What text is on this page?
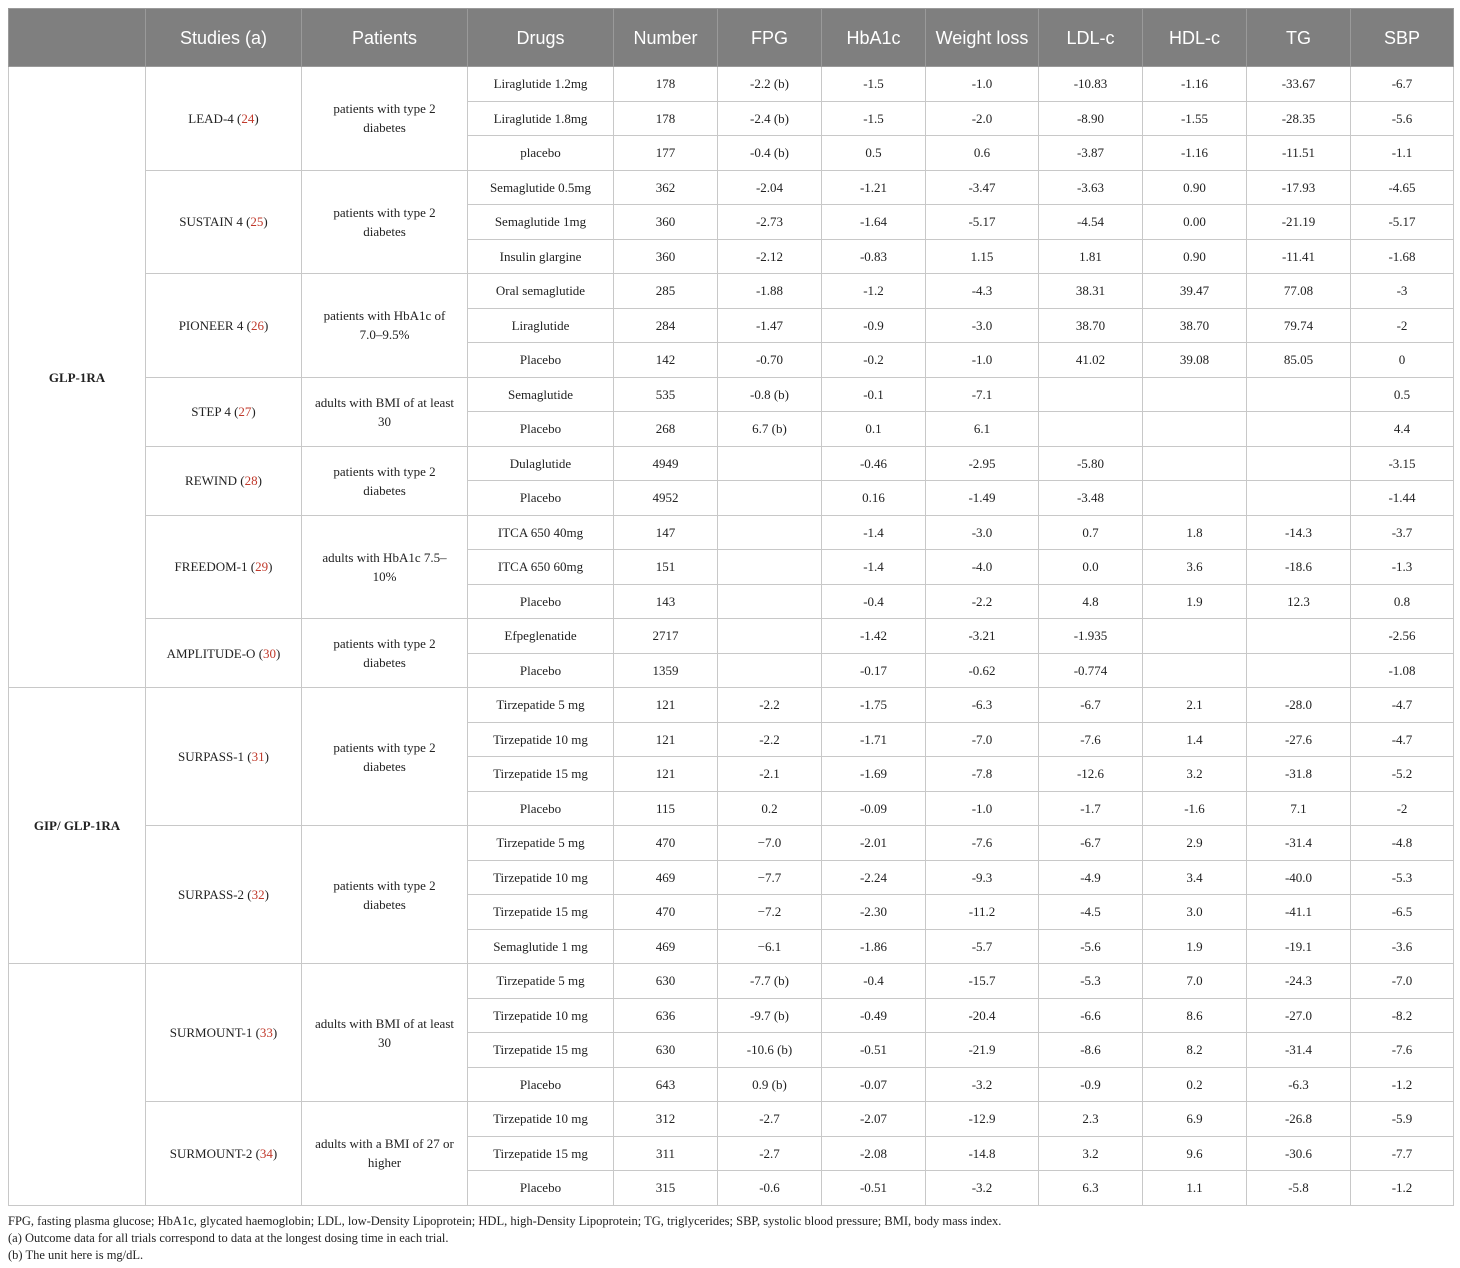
	Studies (a)	Patients	Drugs	Number	FPG	HbA1c	Weight loss	LDL-c	HDL-c	TG	SBP
GLP-1RA	LEAD-4 (24)	patients with type 2 diabetes	Liraglutide 1.2mg	178	-2.2 (b)	-1.5	-1.0	-10.83	-1.16	-33.67	-6.7
			Liraglutide 1.8mg	178	-2.4 (b)	-1.5	-2.0	-8.90	-1.55	-28.35	-5.6
			placebo	177	-0.4 (b)	0.5	0.6	-3.87	-1.16	-11.51	-1.1
	SUSTAIN 4 (25)	patients with type 2 diabetes	Semaglutide 0.5mg	362	-2.04	-1.21	-3.47	-3.63	0.90	-17.93	-4.65
			Semaglutide 1mg	360	-2.73	-1.64	-5.17	-4.54	0.00	-21.19	-5.17
			Insulin glargine	360	-2.12	-0.83	1.15	1.81	0.90	-11.41	-1.68
	PIONEER 4 (26)	patients with HbA1c of 7.0–9.5%	Oral semaglutide	285	-1.88	-1.2	-4.3	38.31	39.47	77.08	-3
			Liraglutide	284	-1.47	-0.9	-3.0	38.70	38.70	79.74	-2
			Placebo	142	-0.70	-0.2	-1.0	41.02	39.08	85.05	0
	STEP 4 (27)	adults with BMI of at least 30	Semaglutide	535	-0.8 (b)	-0.1	-7.1				0.5
			Placebo	268	6.7 (b)	0.1	6.1				4.4
	REWIND (28)	patients with type 2 diabetes	Dulaglutide	4949		-0.46	-2.95	-5.80			-3.15
			Placebo	4952		0.16	-1.49	-3.48			-1.44
	FREEDOM-1 (29)	adults with HbA1c 7.5–10%	ITCA 650 40mg	147		-1.4	-3.0	0.7	1.8	-14.3	-3.7
			ITCA 650 60mg	151		-1.4	-4.0	0.0	3.6	-18.6	-1.3
			Placebo	143		-0.4	-2.2	4.8	1.9	12.3	0.8
	AMPLITUDE-O (30)	patients with type 2 diabetes	Efpeglenatide	2717		-1.42	-3.21	-1.935			-2.56
			Placebo	1359		-0.17	-0.62	-0.774			-1.08
GIP/ GLP-1RA	SURPASS-1 (31)	patients with type 2 diabetes	Tirzepatide 5 mg	121	-2.2	-1.75	-6.3	-6.7	2.1	-28.0	-4.7
			Tirzepatide 10 mg	121	-2.2	-1.71	-7.0	-7.6	1.4	-27.6	-4.7
			Tirzepatide 15 mg	121	-2.1	-1.69	-7.8	-12.6	3.2	-31.8	-5.2
			Placebo	115	0.2	-0.09	-1.0	-1.7	-1.6	7.1	-2
	SURPASS-2 (32)	patients with type 2 diabetes	Tirzepatide 5 mg	470	−7.0	-2.01	-7.6	-6.7	2.9	-31.4	-4.8
			Tirzepatide 10 mg	469	−7.7	-2.24	-9.3	-4.9	3.4	-40.0	-5.3
			Tirzepatide 15 mg	470	−7.2	-2.30	-11.2	-4.5	3.0	-41.1	-6.5
			Semaglutide 1 mg	469	−6.1	-1.86	-5.7	-5.6	1.9	-19.1	-3.6
	SURMOUNT-1 (33)	adults with BMI of at least 30	Tirzepatide 5 mg	630	-7.7 (b)	-0.4	-15.7	-5.3	7.0	-24.3	-7.0
			Tirzepatide 10 mg	636	-9.7 (b)	-0.49	-20.4	-6.6	8.6	-27.0	-8.2
			Tirzepatide 15 mg	630	-10.6 (b)	-0.51	-21.9	-8.6	8.2	-31.4	-7.6
			Placebo	643	0.9 (b)	-0.07	-3.2	-0.9	0.2	-6.3	-1.2
	SURMOUNT-2 (34)	adults with a BMI of 27 or higher	Tirzepatide 10 mg	312	-2.7	-2.07	-12.9	2.3	6.9	-26.8	-5.9
			Tirzepatide 15 mg	311	-2.7	-2.08	-14.8	3.2	9.6	-30.6	-7.7
			Placebo	315	-0.6	-0.51	-3.2	6.3	1.1	-5.8	-1.2
FPG, fasting plasma glucose; HbA1c, glycated haemoglobin; LDL, low-Density Lipoprotein; HDL, high-Density Lipoprotein; TG, triglycerides; SBP, systolic blood pressure; BMI, body mass index.
(a) Outcome data for all trials correspond to data at the longest dosing time in each trial.
(b) The unit here is mg/dL.
